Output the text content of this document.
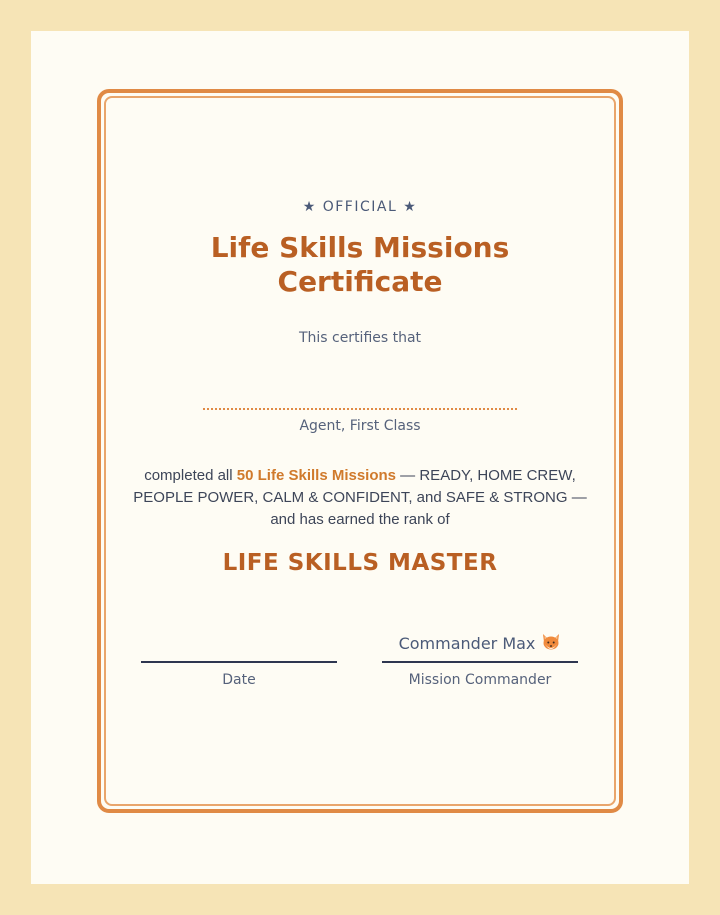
★ OFFICIAL ★
Life Skills Missions
Certificate
This certifies that
Agent, First Class
completed all 50 Life Skills Missions — READY, HOME CREW, PEOPLE POWER, CALM & CONFIDENT, and SAFE & STRONG — and has earned the rank of
LIFE SKILLS MASTER
Commander Max
Date	Mission Commander
